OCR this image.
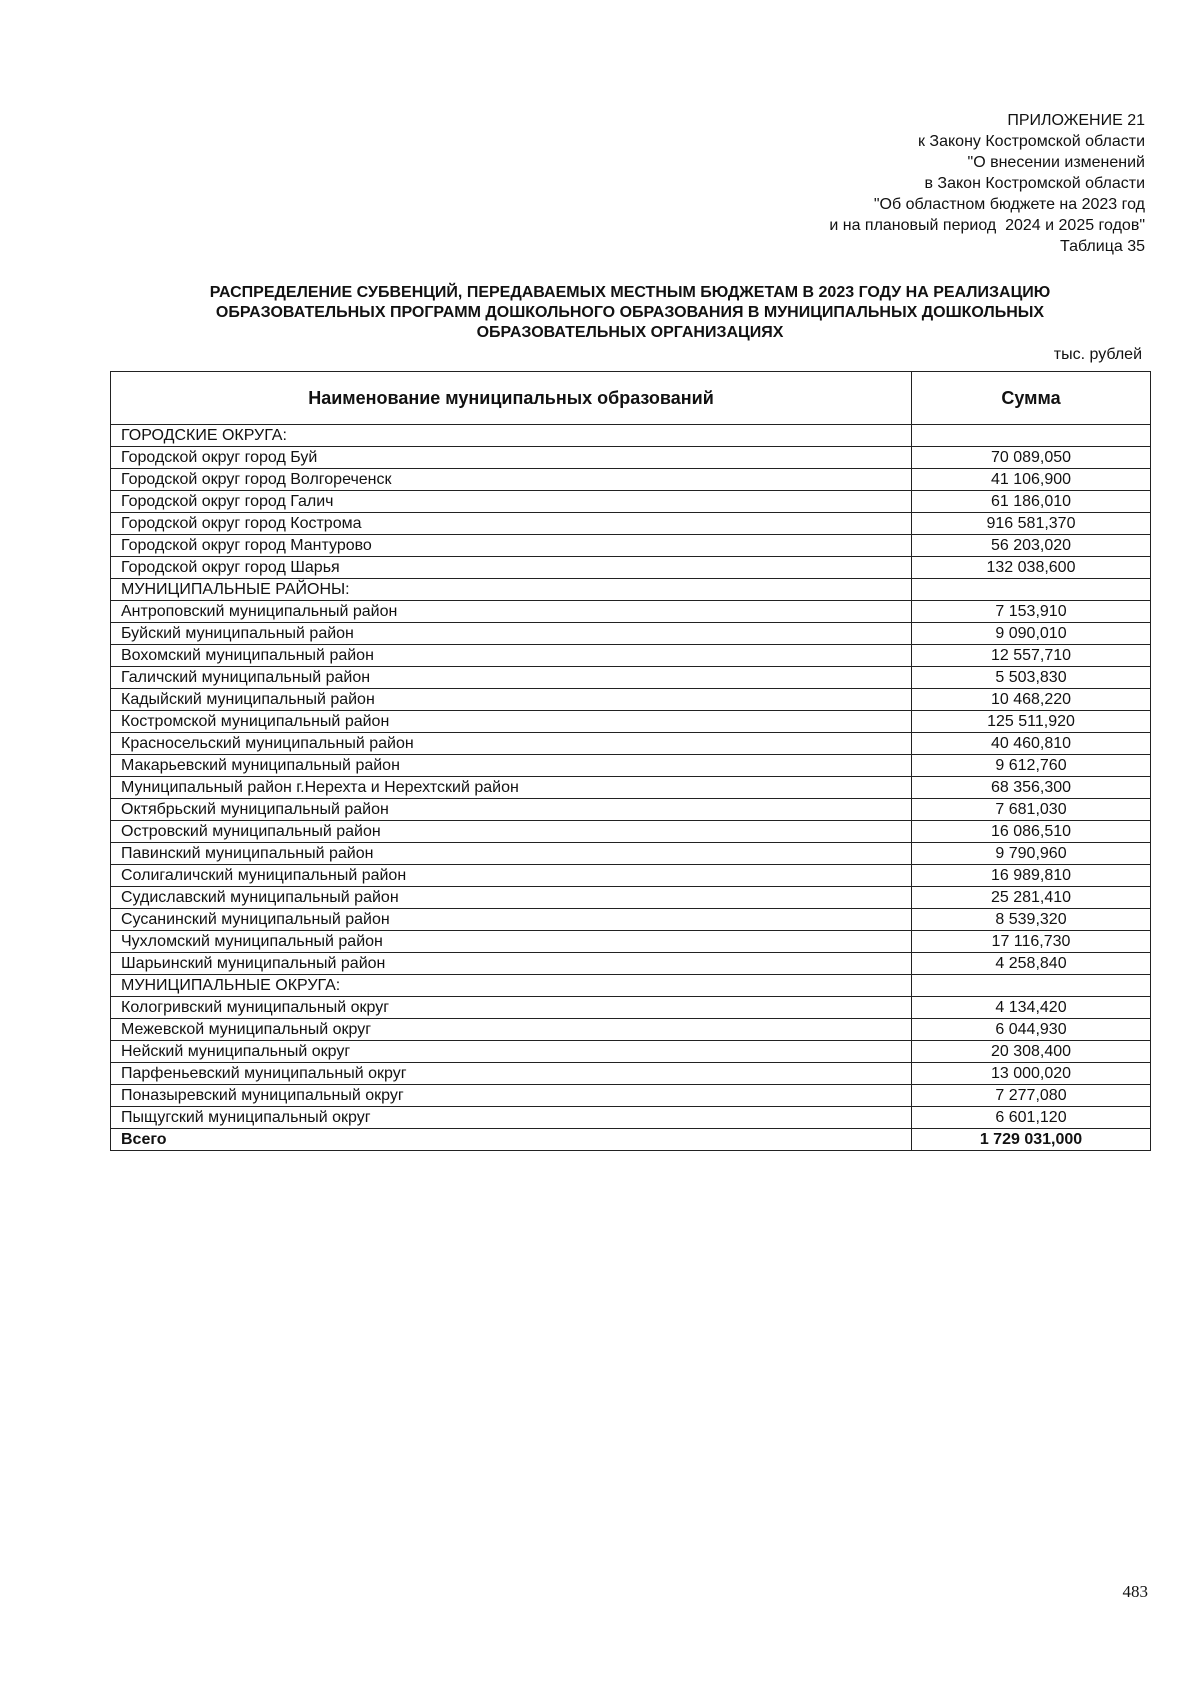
ПРИЛОЖЕНИЕ 21
к Закону Костромской области
"О внесении изменений
в Закон Костромской области
"Об областном бюджете на 2023 год
и на плановый период  2024 и 2025 годов"
Таблица 35
РАСПРЕДЕЛЕНИЕ СУБВЕНЦИЙ, ПЕРЕДАВАЕМЫХ МЕСТНЫМ БЮДЖЕТАМ В 2023 ГОДУ НА РЕАЛИЗАЦИЮ
ОБРАЗОВАТЕЛЬНЫХ ПРОГРАММ ДОШКОЛЬНОГО ОБРАЗОВАНИЯ В МУНИЦИПАЛЬНЫХ ДОШКОЛЬНЫХ
ОБРАЗОВАТЕЛЬНЫХ ОРГАНИЗАЦИЯХ
тыс. рублей
Наименование муниципальных образований	Сумма
ГОРОДСКИЕ ОКРУГА:	
Городской округ город Буй	70 089,050
Городской округ город Волгореченск	41 106,900
Городской округ город Галич	61 186,010
Городской округ город Кострома	916 581,370
Городской округ город Мантурово	56 203,020
Городской округ город Шарья	132 038,600
МУНИЦИПАЛЬНЫЕ РАЙОНЫ:	
Антроповский муниципальный район	7 153,910
Буйский муниципальный район	9 090,010
Вохомский муниципальный район	12 557,710
Галичский муниципальный район	5 503,830
Кадыйский муниципальный район	10 468,220
Костромской муниципальный район	125 511,920
Красносельский муниципальный район	40 460,810
Макарьевский муниципальный район	9 612,760
Муниципальный район г.Нерехта и Нерехтский район	68 356,300
Октябрьский муниципальный район	7 681,030
Островский муниципальный район	16 086,510
Павинский муниципальный район	9 790,960
Солигаличский муниципальный район	16 989,810
Судиславский муниципальный район	25 281,410
Сусанинский муниципальный район	8 539,320
Чухломский муниципальный район	17 116,730
Шарьинский муниципальный район	4 258,840
МУНИЦИПАЛЬНЫЕ ОКРУГА:	
Кологривский муниципальный округ	4 134,420
Межевской муниципальный округ	6 044,930
Нейский муниципальный округ	20 308,400
Парфеньевский муниципальный округ	13 000,020
Поназыревский муниципальный округ	7 277,080
Пыщугский муниципальный округ	6 601,120
Всего	1 729 031,000
483
